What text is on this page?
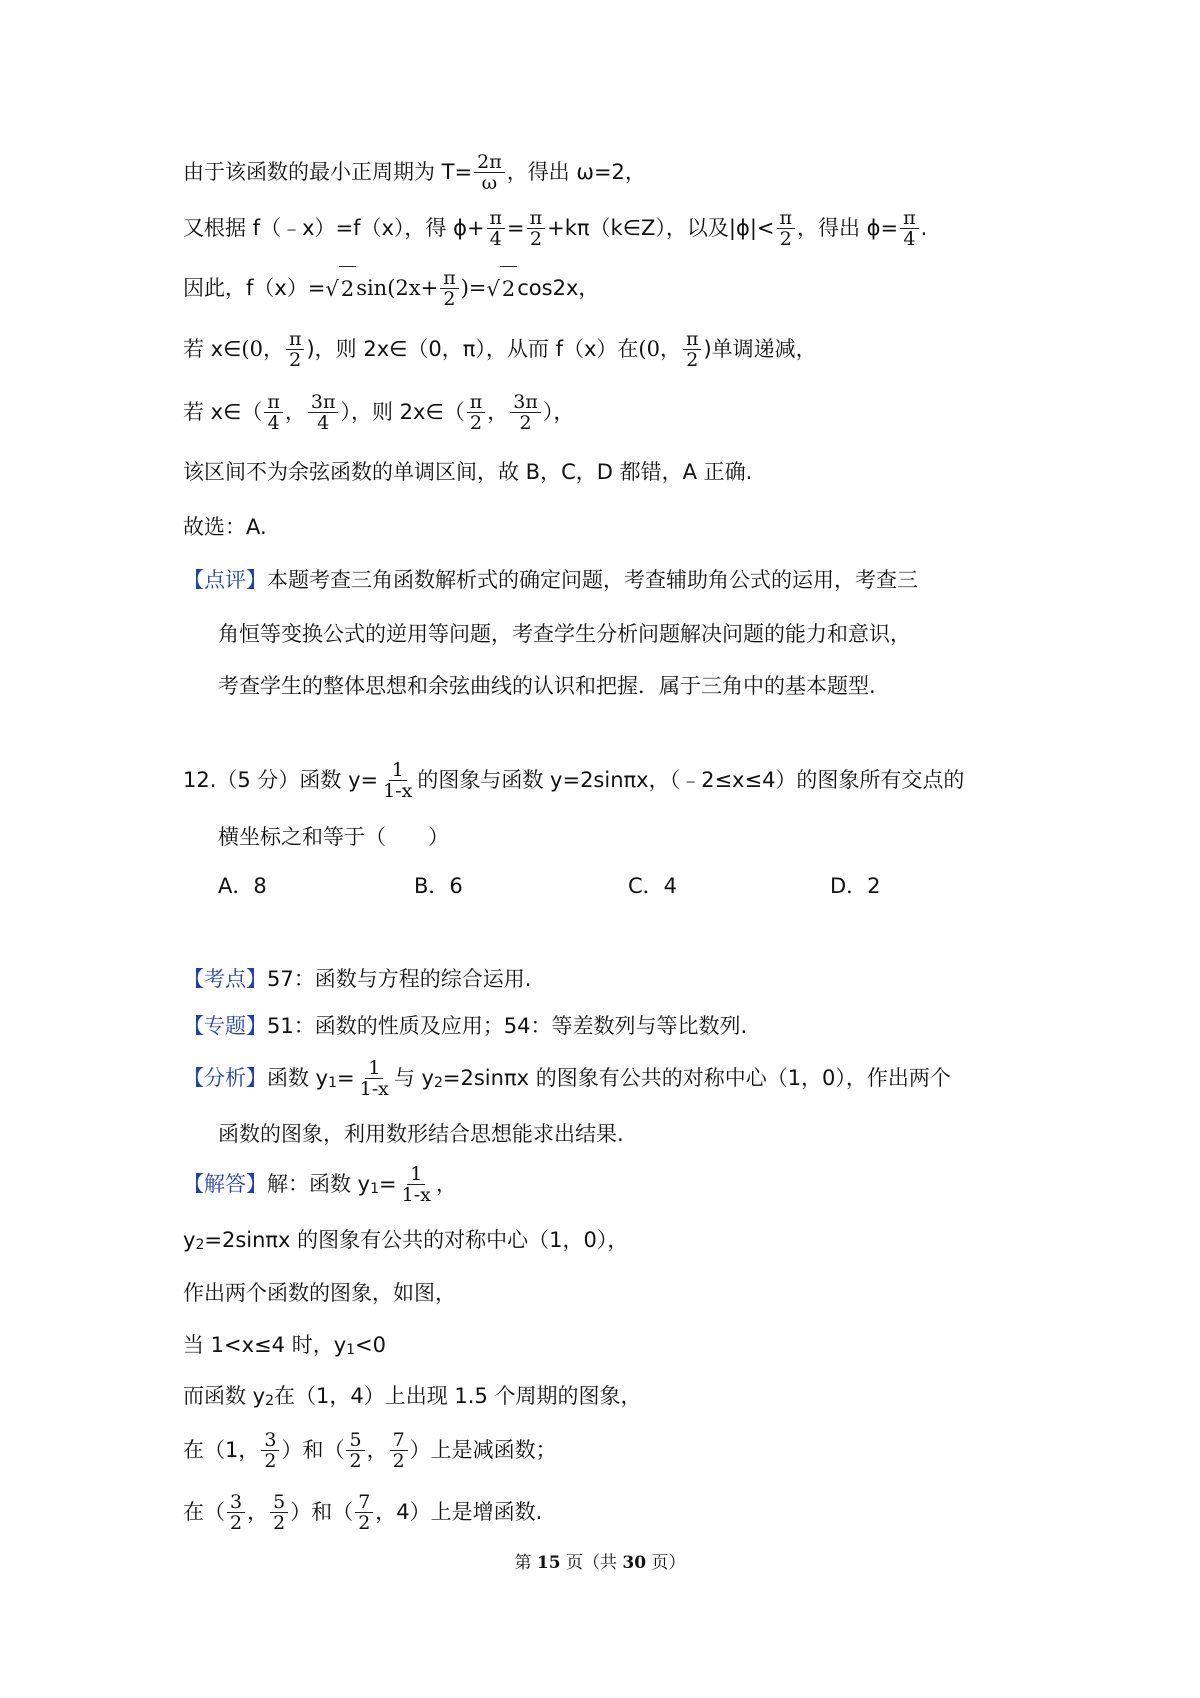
由于该函数的最小正周期为 $T= \frac{2\pi}{\omega}$ ，得出 ω=2，
又根据 f（﹣x）=f（x），得 $\phi+ \frac{\pi}{4} = \frac{\pi}{2}$ +kπ（k∈Z），以及$|\phi|< \frac{\pi}{2}$ ，得出 $\phi= \frac{\pi}{4}$ .
因此，f（x）= √ 2 $\sin(2x+ \frac{\pi}{2}$ )= √ 2 cos2x，
若 x∈ (0， $\frac{\pi}{2}$ )，则 2x∈（0，π），从而 f（x）在 (0， $\frac{\pi}{2}$ )单调递减，
若 x∈（ $\frac{\pi}{4}$ ， $\frac{3\pi}{4}$ ），则 2x∈（ $\frac{\pi}{2}$ ， $\frac{3\pi}{2}$ ），
该区间不为余弦函数的单调区间，故 B，C，D 都错，A 正确.
故选：A.
【点评】 本题考查三角函数解析式的确定问题，考查辅助角公式的运用，考查三
角恒等变换公式的逆用等问题，考查学生分析问题解决问题的能力和意识，
考查学生的整体思想和余弦曲线的认识和把握．属于三角中的基本题型.
12.（5 分）函数 $y= \frac{1}{1-x}$ 的图象与函数 y=2sinπx，（﹣2≤x≤4）的图象所有交点的
横坐标之和等于（　　）
A．8	B．6	C．4	D．2
【考点】 57：函数与方程的综合运用.
【专题】 51：函数的性质及应用；54：等差数列与等比数列.
【分析】 函数 y $1 = \frac{1}{1-x}$ 与 y 2 =2sinπx 的图象有公共的对称中心（1，0），作出两个
函数的图象，利用数形结合思想能求出结果.
【解答】 解：函数 y $1 = \frac{1}{1-x}$ ，
y 2 =2sinπx 的图象有公共的对称中心（1，0），
作出两个函数的图象，如图，
当 1<x≤4 时，y 1 <0
而函数 y 2 在（1，4）上出现 1.5 个周期的图象，
在（1， $\frac{3}{2}$ ）和（ $\frac{5}{2}$ ， $\frac{7}{2}$ ）上是减函数；
在（ $\frac{3}{2}$ ， $\frac{5}{2}$ ）和（ $\frac{7}{2}$ ，4）上是增函数.
第 15 页（共 30 页）
